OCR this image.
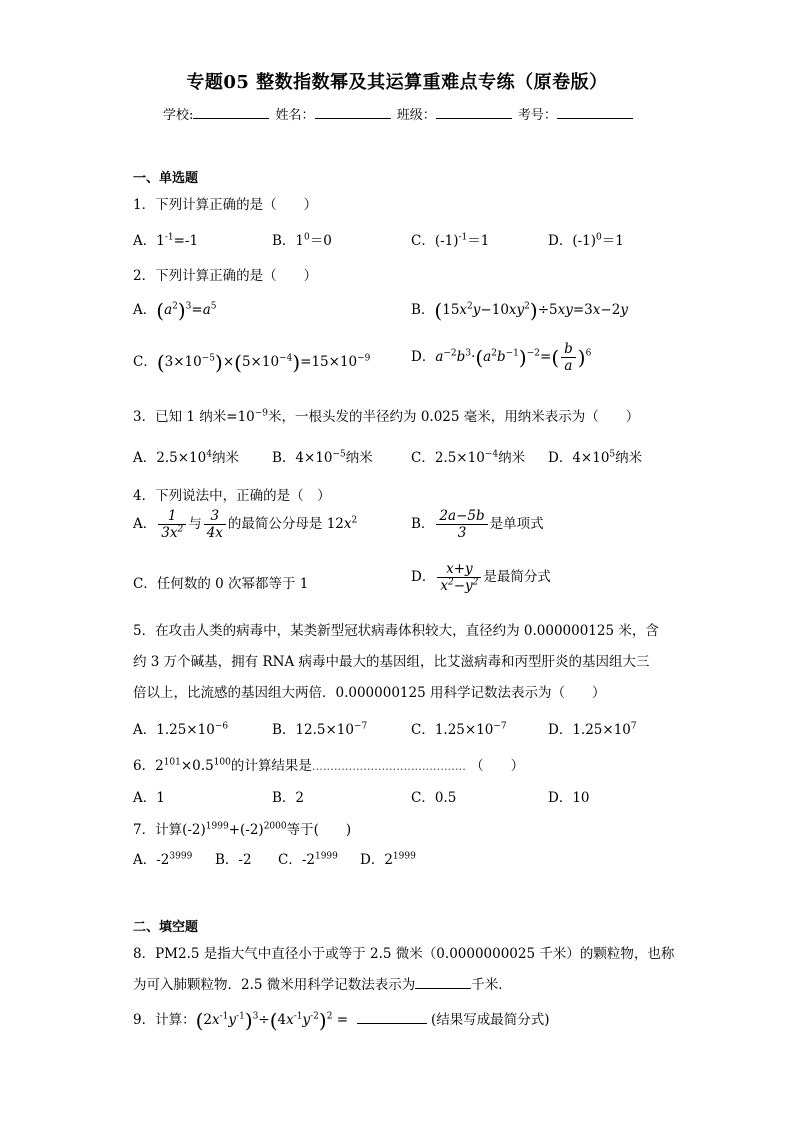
专题05 整数指数幂及其运算重难点专练（原卷版）
学校:	姓名：	班级：	考号：
一、单选题
1．下列计算正确的是（　　）
A．$1^{-1}=-1$	B．$1^0=0$	C．$(-1)^{-1}=1$	D．$(-1)^0=1$
2．下列计算正确的是（　　）
A．$(a^2)^3=a^5$	B．$(15x^2y-10xy^2)\div 5xy=3x-2y$
C．$(3\times 10^{-5})\times(5\times 10^{-4})=15\times 10^{-9}$	D．$a^{-2}b^3\cdot(a^2b^{-1})^{-2}=( \frac{b}{a} )^6$
3．已知 1 纳米$=10^{-9}$米，一根头发的半径约为 0.025 毫米，用纳米表示为（　　）
A．$2.5\times 10^4$纳米 B．$4\times 10^{-5}$纳米	C．$2.5\times 10^{-4}$纳米 D．$4\times 10^5$纳米
4．下列说法中，正确的是（　）
A． $\frac{1}{3x^2}$ 与 $\frac{3}{4x}$ 的最简公分母是 $12x^2$	B． $\frac{2a-5b}{3}$ 是单项式
C．任何数的 0 次幂都等于 1	D． $\frac{x+y}{x^2-y^2}$ 是最简分式
5．在攻击人类的病毒中，某类新型冠状病毒体积较大，直径约为 0.000000125 米，含
约 3 万个碱基，拥有 RNA 病毒中最大的基因组，比艾滋病毒和丙型肝炎的基因组大三
倍以上，比流感的基因组大两倍．0.000000125 用科学记数法表示为（　　）
A．$1.25\times 10^{-6}$	B．$12.5\times 10^{-7}$	C．$1.25\times 10^{-7}$	D．$1.25\times 10^7$
6．$2^{101}\times 0.5^{100}$的计算结果是…………………………………… （　　）
A．1	B．2	C．0.5	D．10
7．计算$(-2)^{1999}+(-2)^{2000}$等于(　　)
A．$-2^{3999}$ B．-2 C．$-2^{1999}$ D．$2^{1999}$
二、填空题
8．PM2.5 是指大气中直径小于或等于 2.5 微米（0.0000000025 千米）的颗粒物，也称
为可入肺颗粒物．2.5 微米用科学记数法表示为	千米．
9．计算：$(2x^{-1}y^{-1})^3\div(4x^{-1}y^{-2})^2$ =	(结果写成最简分式)
